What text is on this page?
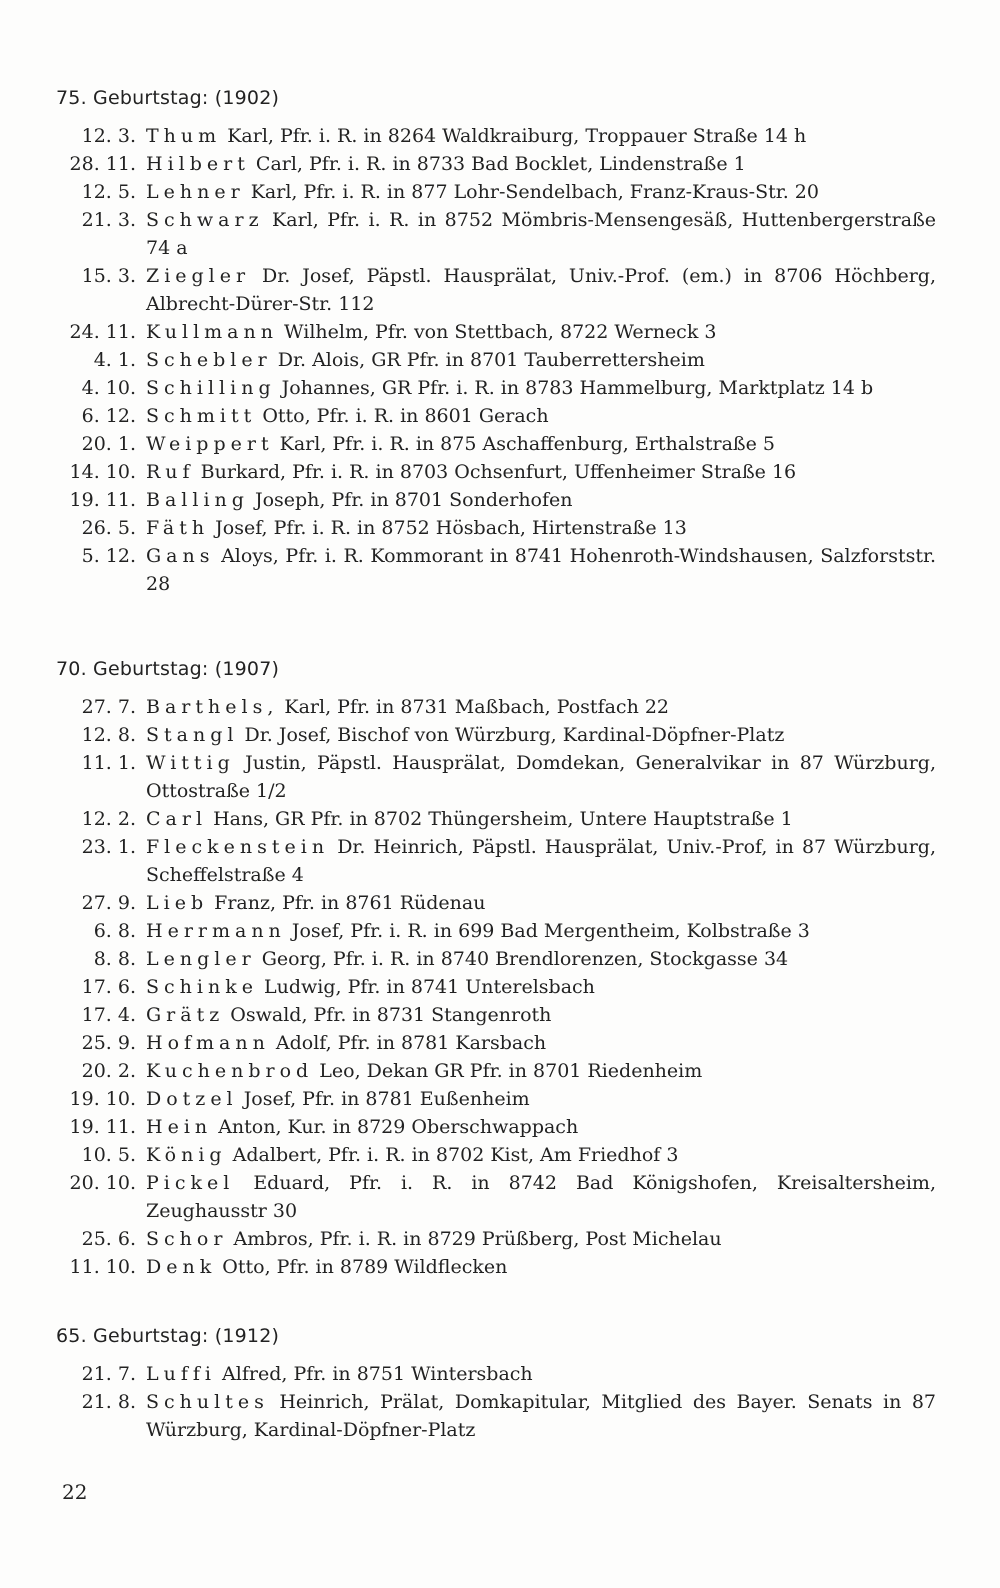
75. Geburtstag: (1902)
12. 3. Thum Karl, Pfr. i. R. in 8264 Waldkraiburg, Troppauer Straße 14 h
28. 11. Hilbert Carl, Pfr. i. R. in 8733 Bad Bocklet, Lindenstraße 1
12. 5. Lehner Karl, Pfr. i. R. in 877 Lohr-Sendelbach, Franz-Kraus-Str. 20
21. 3. Schwarz Karl, Pfr. i. R. in 8752 Mömbris-Mensengesäß, Huttenbergerstraße 74 a
15. 3. Ziegler Dr. Josef, Päpstl. Hausprälat, Univ.-Prof. (em.) in 8706 Höchberg, Albrecht-Dürer-Str. 112
24. 11. Kullmann Wilhelm, Pfr. von Stettbach, 8722 Werneck 3
4. 1. Schebler Dr. Alois, GR Pfr. in 8701 Tauberrettersheim
4. 10. Schilling Johannes, GR Pfr. i. R. in 8783 Hammelburg, Marktplatz 14 b
6. 12. Schmitt Otto, Pfr. i. R. in 8601 Gerach
20. 1. Weippert Karl, Pfr. i. R. in 875 Aschaffenburg, Erthalstraße 5
14. 10. Ruf Burkard, Pfr. i. R. in 8703 Ochsenfurt, Uffenheimer Straße 16
19. 11. Balling Joseph, Pfr. in 8701 Sonderhofen
26. 5. Fäth Josef, Pfr. i. R. in 8752 Hösbach, Hirtenstraße 13
5. 12. Gans Aloys, Pfr. i. R. Kommorant in 8741 Hohenroth-Windshausen, Salzforststr. 28
70. Geburtstag: (1907)
27. 7. Barthels, Karl, Pfr. in 8731 Maßbach, Postfach 22
12. 8. Stangl Dr. Josef, Bischof von Würzburg, Kardinal-Döpfner-Platz
11. 1. Wittig Justin, Päpstl. Hausprälat, Domdekan, Generalvikar in 87 Würzburg, Ottostraße 1/2
12. 2. Carl Hans, GR Pfr. in 8702 Thüngersheim, Untere Hauptstraße 1
23. 1. Fleckenstein Dr. Heinrich, Päpstl. Hausprälat, Univ.-Prof, in 87 Würzburg, Scheffelstraße 4
27. 9. Lieb Franz, Pfr. in 8761 Rüdenau
6. 8. Herrmann Josef, Pfr. i. R. in 699 Bad Mergentheim, Kolbstraße 3
8. 8. Lengler Georg, Pfr. i. R. in 8740 Brendlorenzen, Stockgasse 34
17. 6. Schinke Ludwig, Pfr. in 8741 Unterelsbach
17. 4. Grätz Oswald, Pfr. in 8731 Stangenroth
25. 9. Hofmann Adolf, Pfr. in 8781 Karsbach
20. 2. Kuchenbrod Leo, Dekan GR Pfr. in 8701 Riedenheim
19. 10. Dotzel Josef, Pfr. in 8781 Eußenheim
19. 11. Hein Anton, Kur. in 8729 Oberschwappach
10. 5. König Adalbert, Pfr. i. R. in 8702 Kist, Am Friedhof 3
20. 10. Pickel Eduard, Pfr. i. R. in 8742 Bad Königshofen, Kreisaltersheim, Zeughausstr 30
25. 6. Schor Ambros, Pfr. i. R. in 8729 Prüßberg, Post Michelau
11. 10. Denk Otto, Pfr. in 8789 Wildflecken
65. Geburtstag: (1912)
21. 7. Luffi Alfred, Pfr. in 8751 Wintersbach
21. 8. Schultes Heinrich, Prälat, Domkapitular, Mitglied des Bayer. Senats in 87 Würzburg, Kardinal-Döpfner-Platz
22
